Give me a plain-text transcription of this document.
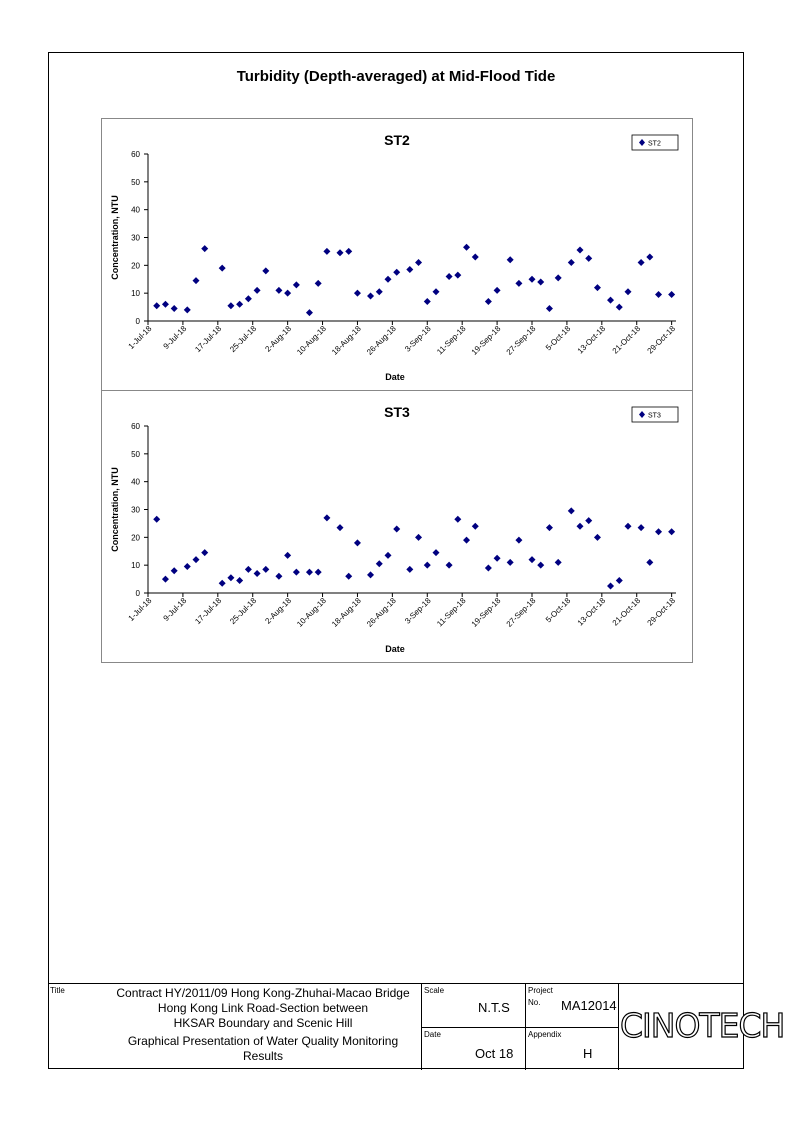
Turbidity (Depth-averaged) at Mid-Flood Tide
ST2
0
10
20
30
40
50
60
1-Jul-18 9-Jul-18 17-Jul-18 25-Jul-18 2-Aug-18 10-Aug-18 18-Aug-18 26-Aug-18 3-Sep-18 11-Sep-18 19-Sep-18 27-Sep-18 5-Oct-18 13-Oct-18 21-Oct-18 29-Oct-18
Concentration, NTU
Date
ST2
ST3
0
10
20
30
40
50
60
1-Jul-18 9-Jul-18 17-Jul-18 25-Jul-18 2-Aug-18 10-Aug-18 18-Aug-18 26-Aug-18 3-Sep-18 11-Sep-18 19-Sep-18 27-Sep-18 5-Oct-18 13-Oct-18 21-Oct-18 29-Oct-18
Concentration, NTU
Date
ST3
Title	Contract HY/2011/09 Hong Kong-Zhuhai-Macao Bridge
Hong Kong Link Road-Section between
HKSAR Boundary and Scenic Hill
Graphical Presentation of Water Quality Monitoring
Results
Scale
N.T.S
Date
Oct 18
Project
No. MA12014
Appendix
H
CINOTECH
